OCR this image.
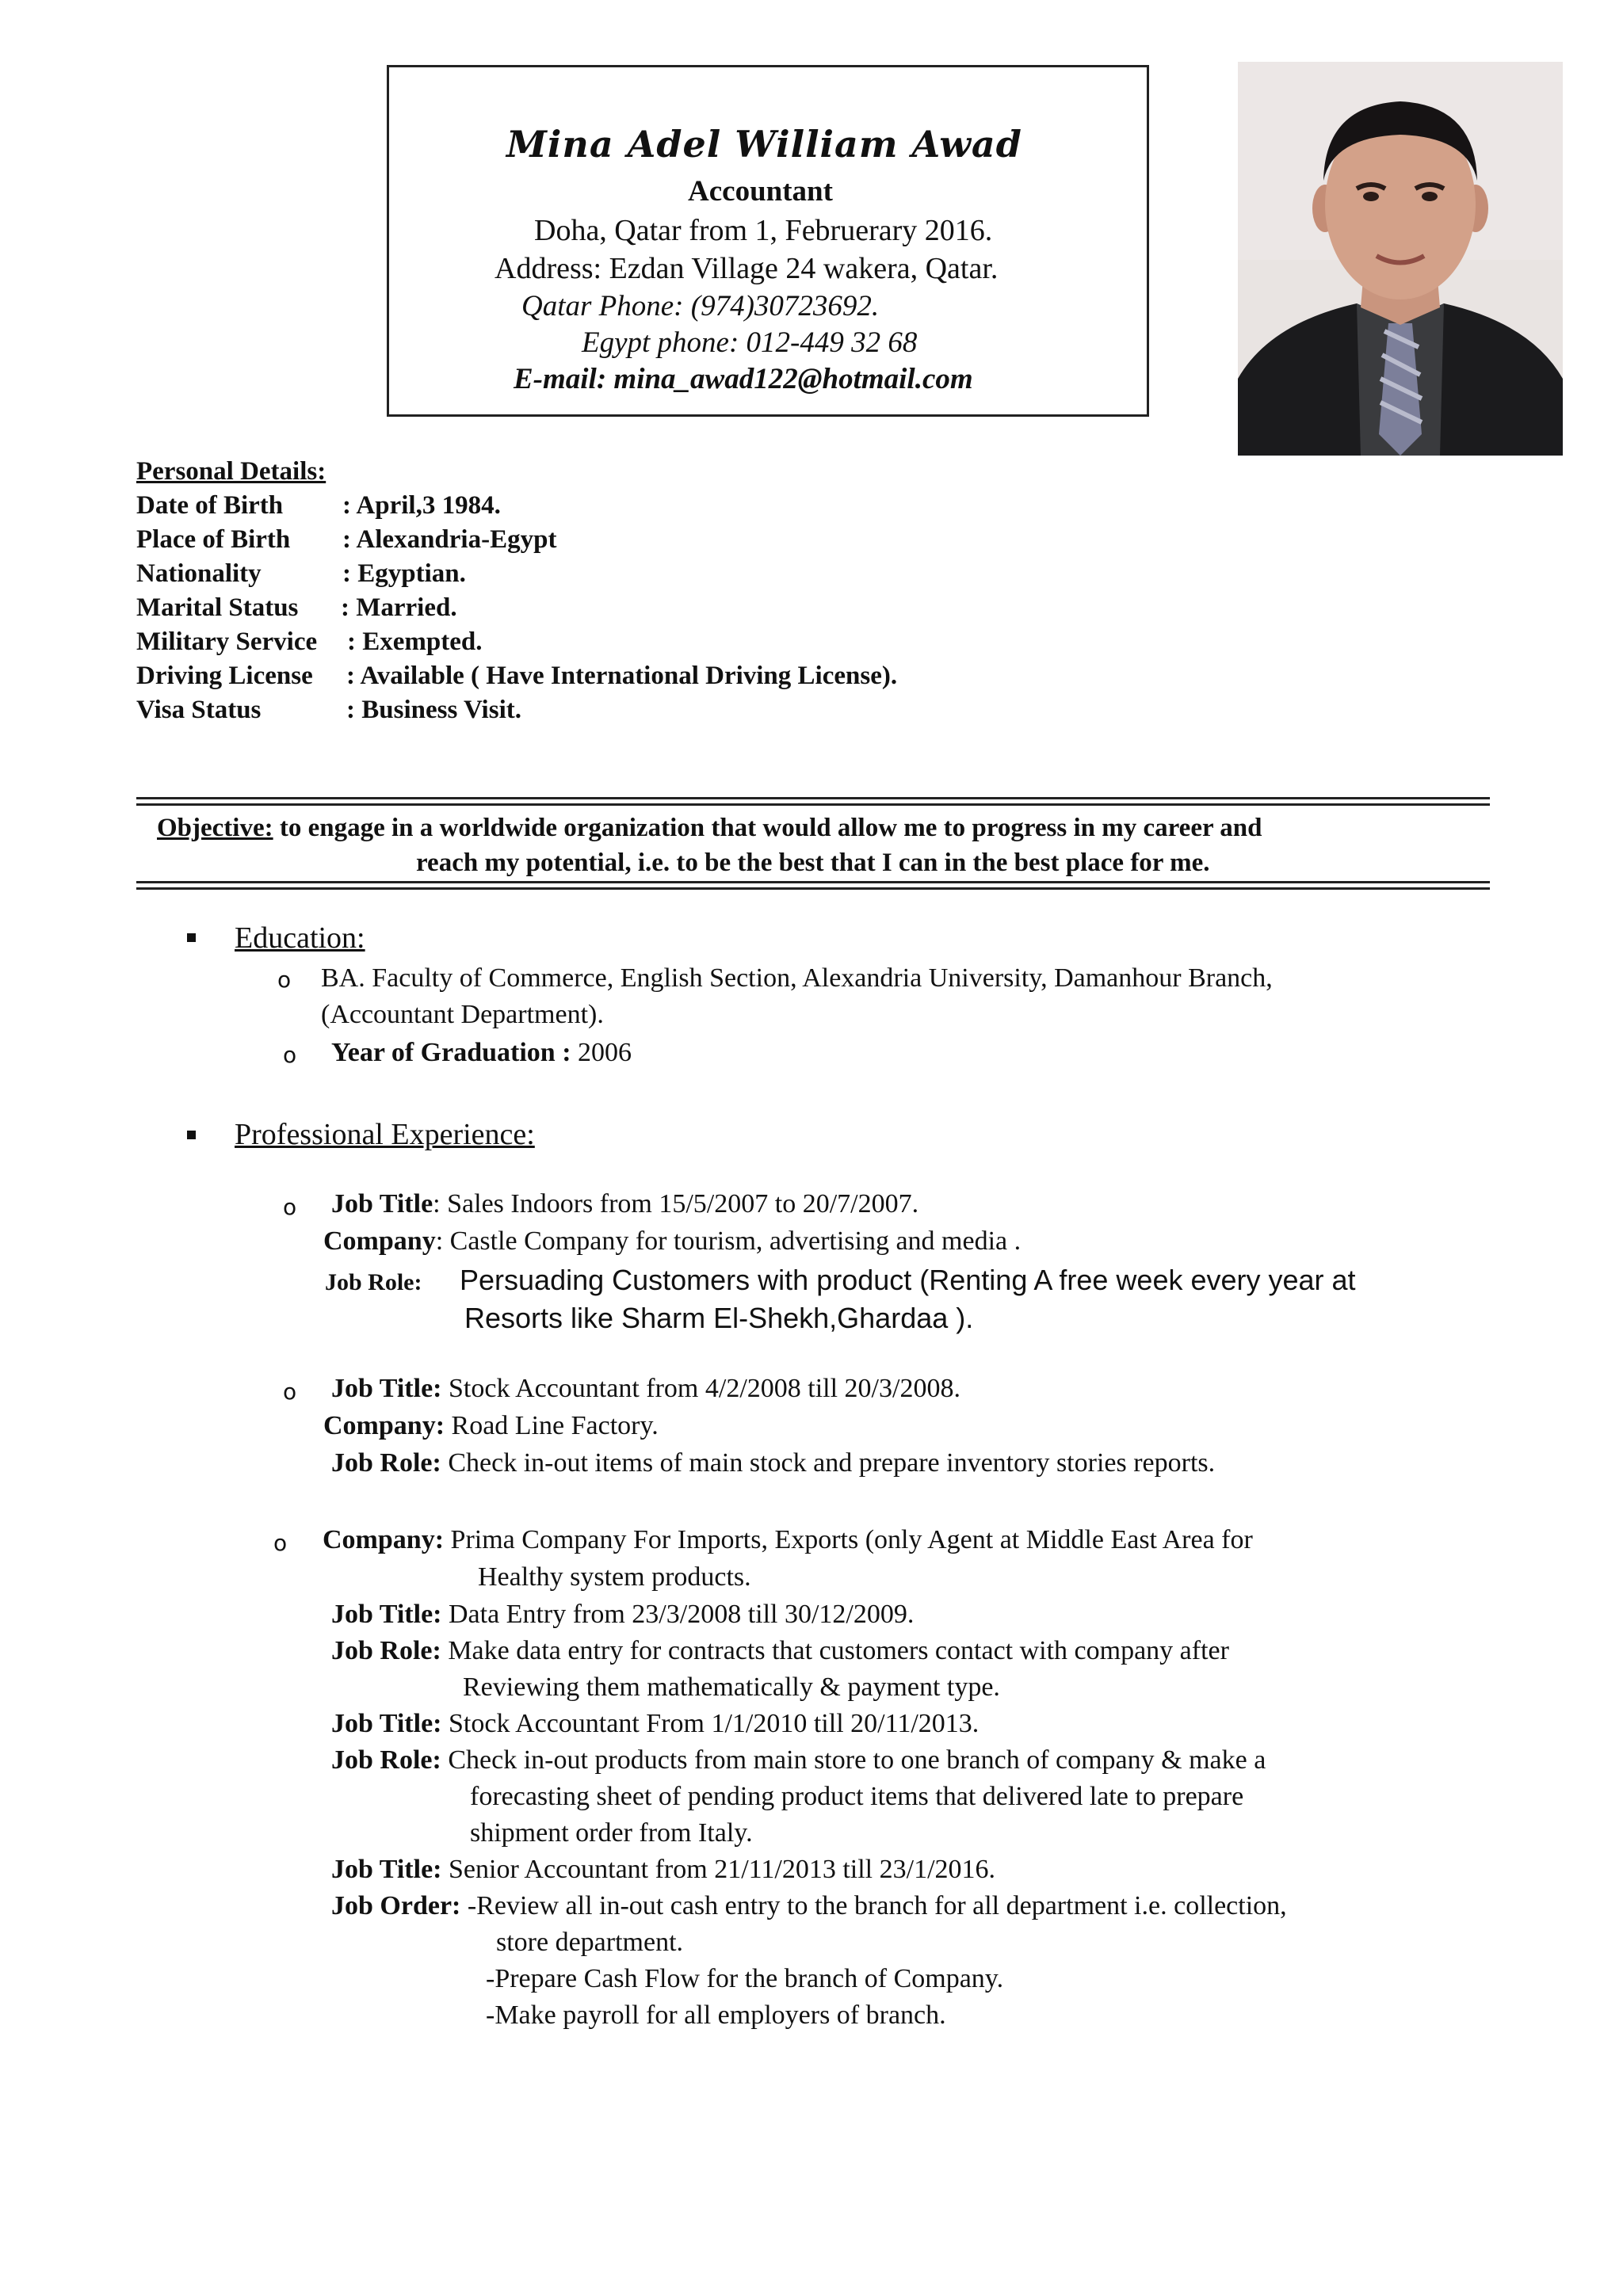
Mina Adel William Awad
Accountant
Doha, Qatar from 1, Februerary 2016.
Address: Ezdan Village 24 wakera, Qatar.
Qatar Phone: (974)30723692.
Egypt phone: 012-449 32 68
E-mail: mina_awad122@hotmail.com
Personal Details:
Date of Birth : April,3 1984.
Place of Birth : Alexandria-Egypt
Nationality	: Egyptian.
Marital Status : Married.
Military Service : Exempted.
Driving License : Available ( Have International Driving License).
Visa Status	: Business Visit.
Objective: to engage in a worldwide organization that would allow me to progress in my career and
reach my potential, i.e. to be the best that I can in the best place for me.
Education:
o BA. Faculty of Commerce, English Section, Alexandria University, Damanhour Branch,
(Accountant Department).
o Year of Graduation : 2006
Professional Experience:
o Job Title: Sales Indoors from 15/5/2007 to 20/7/2007.
Company: Castle Company for tourism, advertising and media .
Job Role: Persuading Customers with product (Renting A free week every year at
Resorts like Sharm El-Shekh,Ghardaa ).
o Job Title: Stock Accountant from 4/2/2008 till 20/3/2008.
Company: Road Line Factory.
Job Role: Check in-out items of main stock and prepare inventory stories reports.
o Company: Prima Company For Imports, Exports (only Agent at Middle East Area for
Healthy system products.
Job Title: Data Entry from 23/3/2008 till 30/12/2009.
Job Role: Make data entry for contracts that customers contact with company after
Reviewing them mathematically & payment type.
Job Title: Stock Accountant From 1/1/2010 till 20/11/2013.
Job Role: Check in-out products from main store to one branch of company & make a
forecasting sheet of pending product items that delivered late to prepare
shipment order from Italy.
Job Title: Senior Accountant from 21/11/2013 till 23/1/2016.
Job Order: -Review all in-out cash entry to the branch for all department i.e. collection,
store department.
-Prepare Cash Flow for the branch of Company.
-Make payroll for all employers of branch.
